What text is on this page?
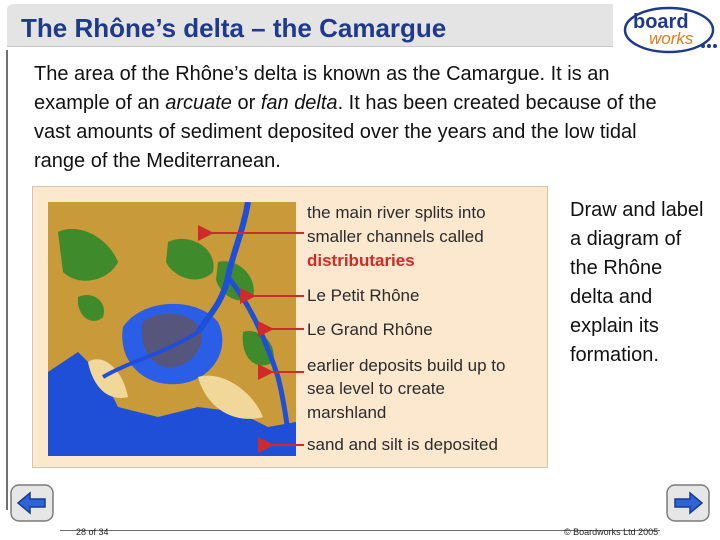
The Rhône’s delta – the Camargue	board
works
The area of the Rhône’s delta is known as the Camargue. It is an example of an arcuate or fan delta. It has been created because of the vast amounts of sediment deposited over the years and the low tidal range of the Mediterranean.
the main river splits into
smaller channels called
distributaries
Le Petit Rhône
Le Grand Rhône
earlier deposits build up to
sea level to create
marshland
sand and silt is deposited
Draw and label a diagram of the Rhône delta and explain its formation.
28 of 34	© Boardworks Ltd 2005
